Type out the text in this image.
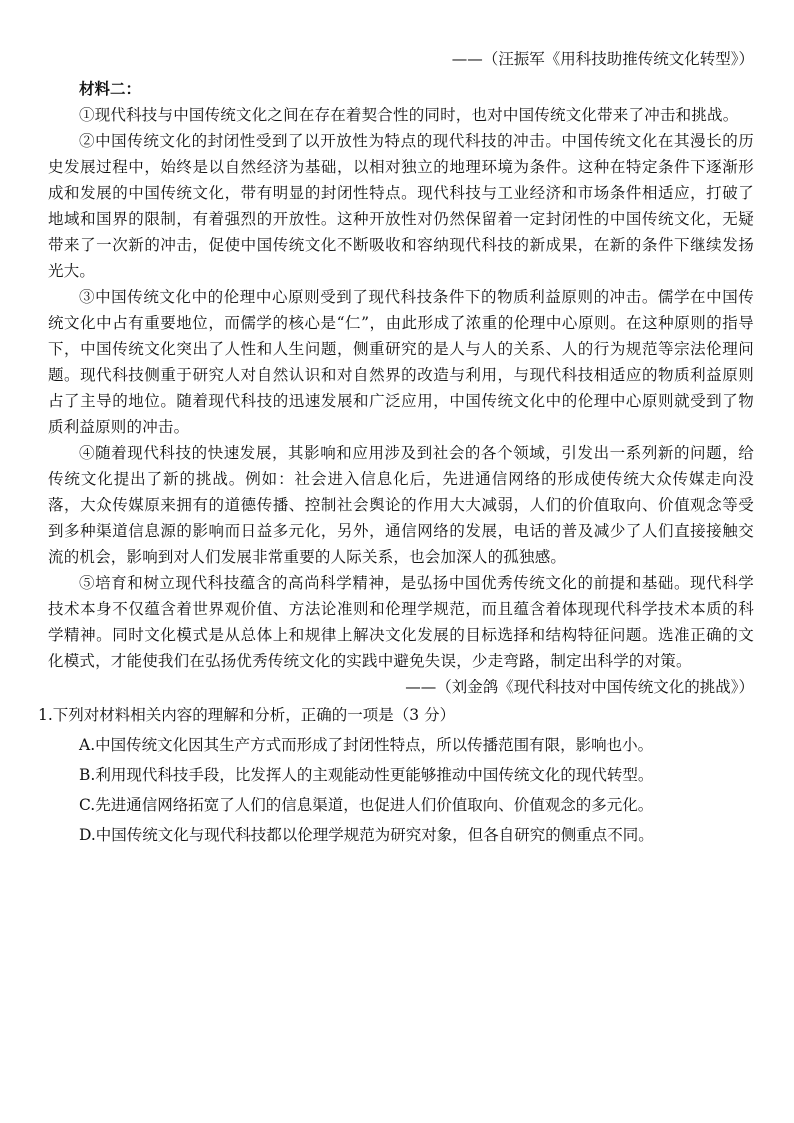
——（汪振军《用科技助推传统文化转型》）

材料二：

①现代科技与中国传统文化之间在存在着契合性的同时，也对中国传统文化带来了冲击和挑战。

②中国传统文化的封闭性受到了以开放性为特点的现代科技的冲击。中国传统文化在其漫长的历史发展过程中，始终是以自然经济为基础，以相对独立的地理环境为条件。这种在特定条件下逐渐形成和发展的中国传统文化，带有明显的封闭性特点。现代科技与工业经济和市场条件相适应，打破了地域和国界的限制，有着强烈的开放性。这种开放性对仍然保留着一定封闭性的中国传统文化，无疑带来了一次新的冲击，促使中国传统文化不断吸收和容纳现代科技的新成果，在新的条件下继续发扬光大。

③中国传统文化中的伦理中心原则受到了现代科技条件下的物质利益原则的冲击。儒学在中国传统文化中占有重要地位，而儒学的核心是“仁”，由此形成了浓重的伦理中心原则。在这种原则的指导下，中国传统文化突出了人性和人生问题，侧重研究的是人与人的关系、人的行为规范等宗法伦理问题。现代科技侧重于研究人对自然认识和对自然界的改造与利用，与现代科技相适应的物质利益原则占了主导的地位。随着现代科技的迅速发展和广泛应用，中国传统文化中的伦理中心原则就受到了物质利益原则的冲击。

④随着现代科技的快速发展，其影响和应用涉及到社会的各个领域，引发出一系列新的问题，给传统文化提出了新的挑战。例如：社会进入信息化后，先进通信网络的形成使传统大众传媒走向没落，大众传媒原来拥有的道德传播、控制社会舆论的作用大大减弱，人们的价值取向、价值观念等受到多种渠道信息源的影响而日益多元化，另外，通信网络的发展，电话的普及减少了人们直接接触交流的机会，影响到对人们发展非常重要的人际关系，也会加深人的孤独感。

⑤培育和树立现代科技蕴含的高尚科学精神，是弘扬中国优秀传统文化的前提和基础。现代科学技术本身不仅蕴含着世界观价值、方法论准则和伦理学规范，而且蕴含着体现现代科学技术本质的科学精神。同时文化模式是从总体上和规律上解决文化发展的目标选择和结构特征问题。选准正确的文化模式，才能使我们在弘扬优秀传统文化的实践中避免失误，少走弯路，制定出科学的对策。

——（刘金鸽《现代科技对中国传统文化的挑战》）

1.下列对材料相关内容的理解和分析，正确的一项是（3 分）

A.中国传统文化因其生产方式而形成了封闭性特点，所以传播范围有限，影响也小。

B.利用现代科技手段，比发挥人的主观能动性更能够推动中国传统文化的现代转型。

C.先进通信网络拓宽了人们的信息渠道，也促进人们价值取向、价值观念的多元化。

D.中国传统文化与现代科技都以伦理学规范为研究对象，但各自研究的侧重点不同。
